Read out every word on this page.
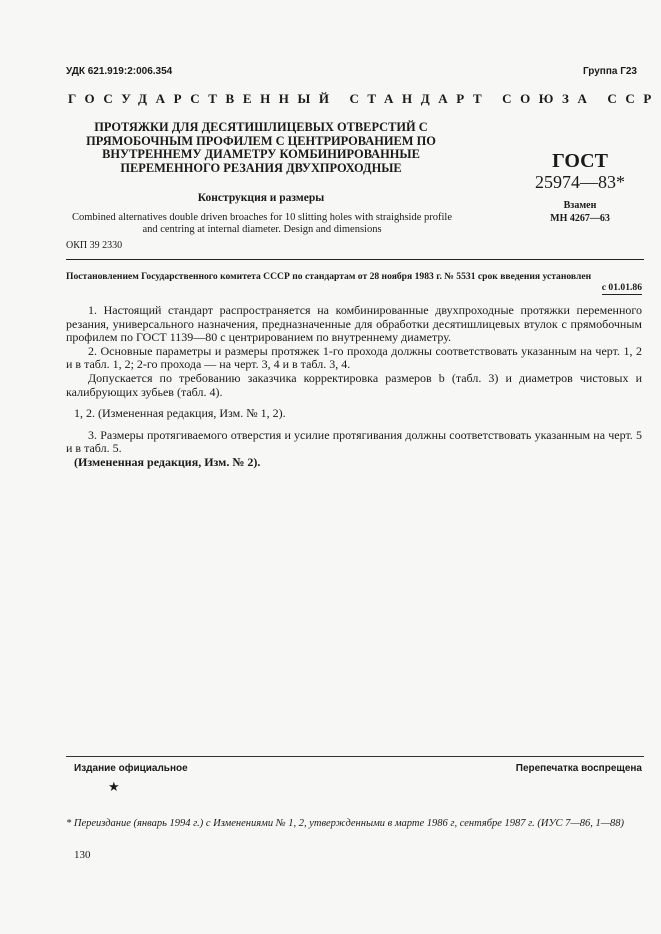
УДК 621.919:2:006.354	Группа Г23
ГОСУДАРСТВЕННЫЙ СТАНДАРТ СОЮЗА ССР
ПРОТЯЖКИ ДЛЯ ДЕСЯТИШЛИЦЕВЫХ ОТВЕРСТИЙ С ПРЯМОБОЧНЫМ ПРОФИЛЕМ С ЦЕНТРИРОВАНИЕМ ПО ВНУТРЕННЕМУ ДИАМЕТРУ КОМБИНИРОВАННЫЕ ПЕРЕМЕННОГО РЕЗАНИЯ ДВУХПРОХОДНЫЕ	ГОСТ
25974—83*
Взамен
МН 4267—63
Конструкция и размеры
Combined alternatives double driven broaches for 10 slitting holes with straighside profile and centring at internal diameter. Design and dimensions
ОКП 39 2330
Постановлением Государственного комитета СССР по стандартам от 28 ноября 1983 г. № 5531 срок введения установлен
с 01.01.86

1. Настоящий стандарт распространяется на комбинированные двухпроходные протяжки переменного резания, универсального назначения, предназначенные для обработки десятишлицевых втулок с прямобочным профилем по ГОСТ 1139—80 с центрированием по внутреннему диаметру.

2. Основные параметры и размеры протяжек 1-го прохода должны соответствовать указанным на черт. 1, 2 и в табл. 1, 2; 2-го прохода — на черт. 3, 4 и в табл. 3, 4.

Допускается по требованию заказчика корректировка размеров b (табл. 3) и диаметров чистовых и калибрующих зубьев (табл. 4).

1, 2. (Измененная редакция, Изм. № 1, 2).

3. Размеры протягиваемого отверстия и усилие протягивания должны соответствовать указанным на черт. 5 и в табл. 5.

(Измененная редакция, Изм. № 2).

Издание официальное	Перепечатка воспрещена
★
* Переиздание (январь 1994 г.) с Изменениями № 1, 2, утвержденными в марте 1986 г, сентябре 1987 г. (ИУС 7—86, 1—88)
130
